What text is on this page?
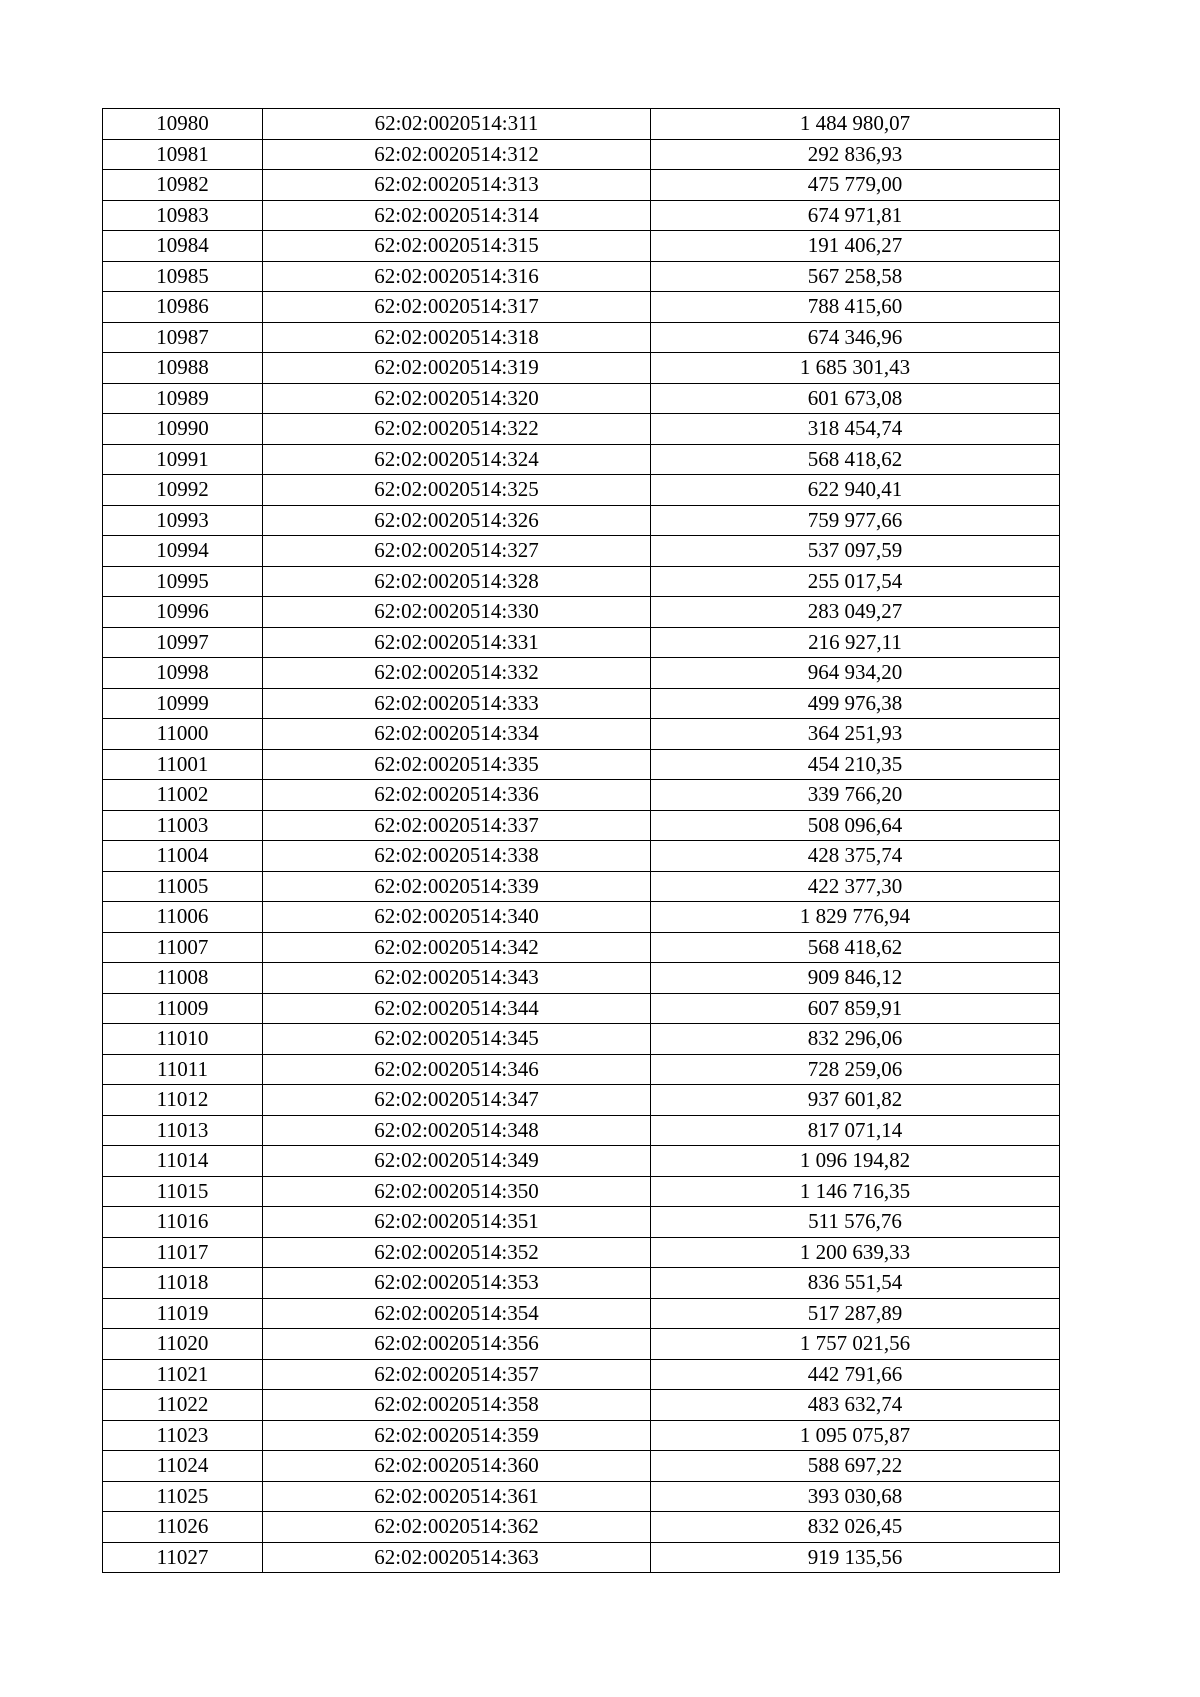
10980	62:02:0020514:311	1 484 980,07
10981	62:02:0020514:312	292 836,93
10982	62:02:0020514:313	475 779,00
10983	62:02:0020514:314	674 971,81
10984	62:02:0020514:315	191 406,27
10985	62:02:0020514:316	567 258,58
10986	62:02:0020514:317	788 415,60
10987	62:02:0020514:318	674 346,96
10988	62:02:0020514:319	1 685 301,43
10989	62:02:0020514:320	601 673,08
10990	62:02:0020514:322	318 454,74
10991	62:02:0020514:324	568 418,62
10992	62:02:0020514:325	622 940,41
10993	62:02:0020514:326	759 977,66
10994	62:02:0020514:327	537 097,59
10995	62:02:0020514:328	255 017,54
10996	62:02:0020514:330	283 049,27
10997	62:02:0020514:331	216 927,11
10998	62:02:0020514:332	964 934,20
10999	62:02:0020514:333	499 976,38
11000	62:02:0020514:334	364 251,93
11001	62:02:0020514:335	454 210,35
11002	62:02:0020514:336	339 766,20
11003	62:02:0020514:337	508 096,64
11004	62:02:0020514:338	428 375,74
11005	62:02:0020514:339	422 377,30
11006	62:02:0020514:340	1 829 776,94
11007	62:02:0020514:342	568 418,62
11008	62:02:0020514:343	909 846,12
11009	62:02:0020514:344	607 859,91
11010	62:02:0020514:345	832 296,06
11011	62:02:0020514:346	728 259,06
11012	62:02:0020514:347	937 601,82
11013	62:02:0020514:348	817 071,14
11014	62:02:0020514:349	1 096 194,82
11015	62:02:0020514:350	1 146 716,35
11016	62:02:0020514:351	511 576,76
11017	62:02:0020514:352	1 200 639,33
11018	62:02:0020514:353	836 551,54
11019	62:02:0020514:354	517 287,89
11020	62:02:0020514:356	1 757 021,56
11021	62:02:0020514:357	442 791,66
11022	62:02:0020514:358	483 632,74
11023	62:02:0020514:359	1 095 075,87
11024	62:02:0020514:360	588 697,22
11025	62:02:0020514:361	393 030,68
11026	62:02:0020514:362	832 026,45
11027	62:02:0020514:363	919 135,56
